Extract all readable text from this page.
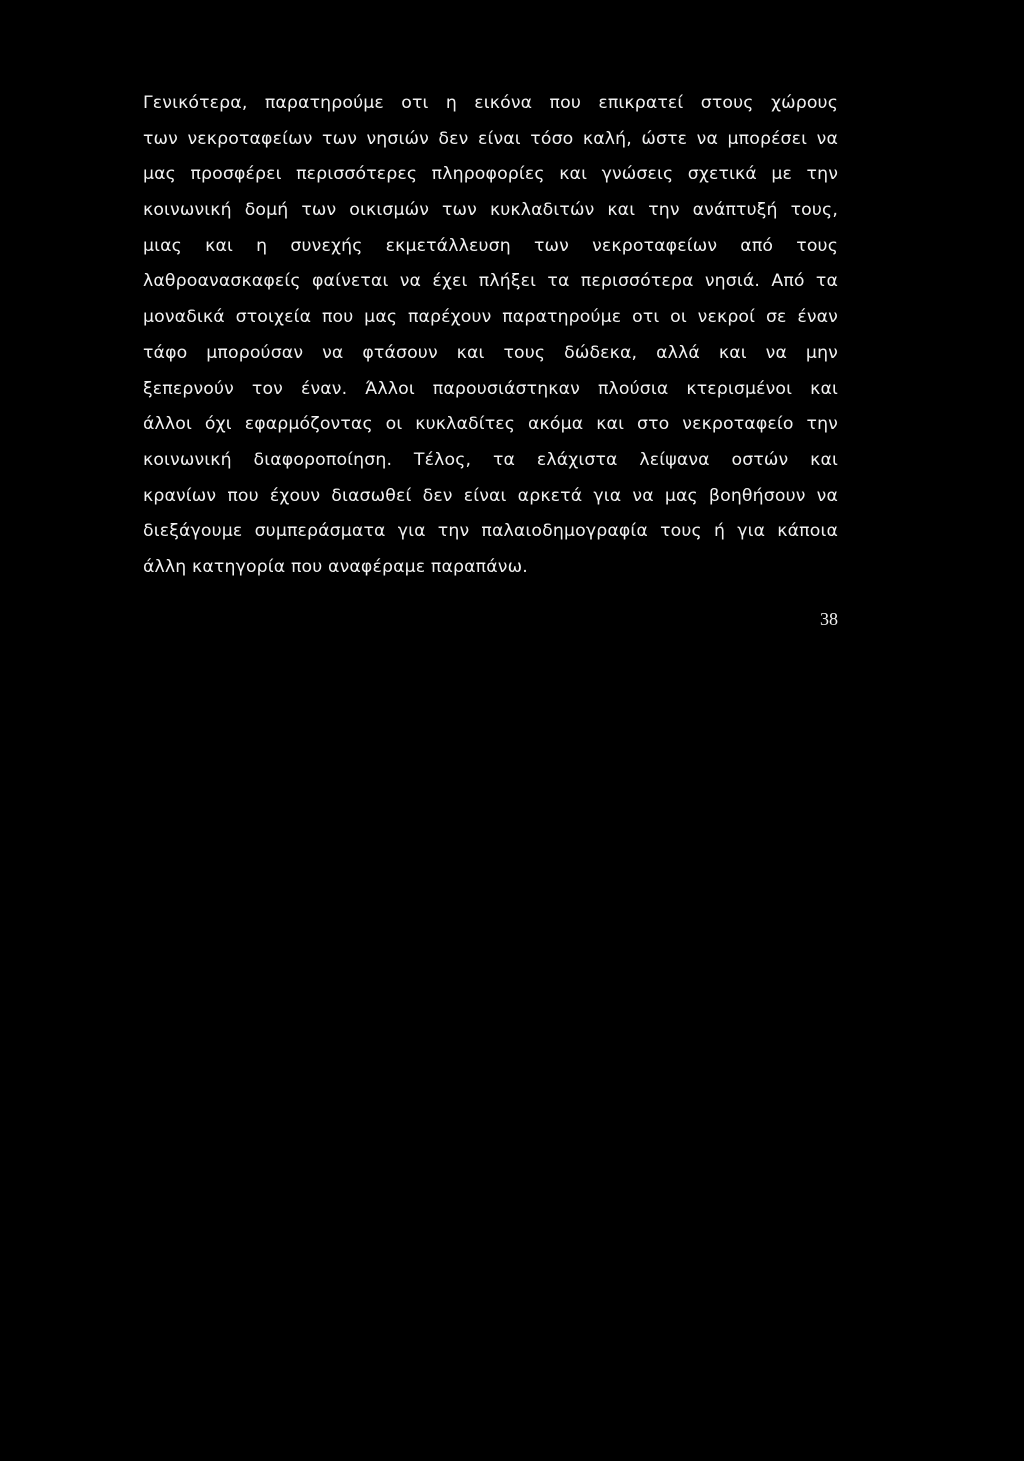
Γενικότερα, παρατηρούμε οτι η εικόνα που επικρατεί στους χώρους
των νεκροταφείων των νησιών δεν είναι τόσο καλή, ώστε να μπορέσει να
μας προσφέρει περισσότερες πληροφορίες και γνώσεις σχετικά με την
κοινωνική δομή των οικισμών των κυκλαδιτών και την ανάπτυξή τους,
μιας και η συνεχής εκμετάλλευση των νεκροταφείων από τους
λαθροανασκαφείς φαίνεται να έχει πλήξει τα περισσότερα νησιά. Από τα
μοναδικά στοιχεία που μας παρέχουν παρατηρούμε οτι οι νεκροί σε έναν
τάφο μπορούσαν να φτάσουν και τους δώδεκα, αλλά και να μην
ξεπερνούν τον έναν. Άλλοι παρουσιάστηκαν πλούσια κτερισμένοι και
άλλοι όχι εφαρμόζοντας οι κυκλαδίτες ακόμα και στο νεκροταφείο την
κοινωνική διαφοροποίηση. Τέλος, τα ελάχιστα λείψανα οστών και
κρανίων που έχουν διασωθεί δεν είναι αρκετά για να μας βοηθήσουν να
διεξάγουμε συμπεράσματα για την παλαιοδημογραφία τους ή για κάποια
άλλη κατηγορία που αναφέραμε παραπάνω.

38
